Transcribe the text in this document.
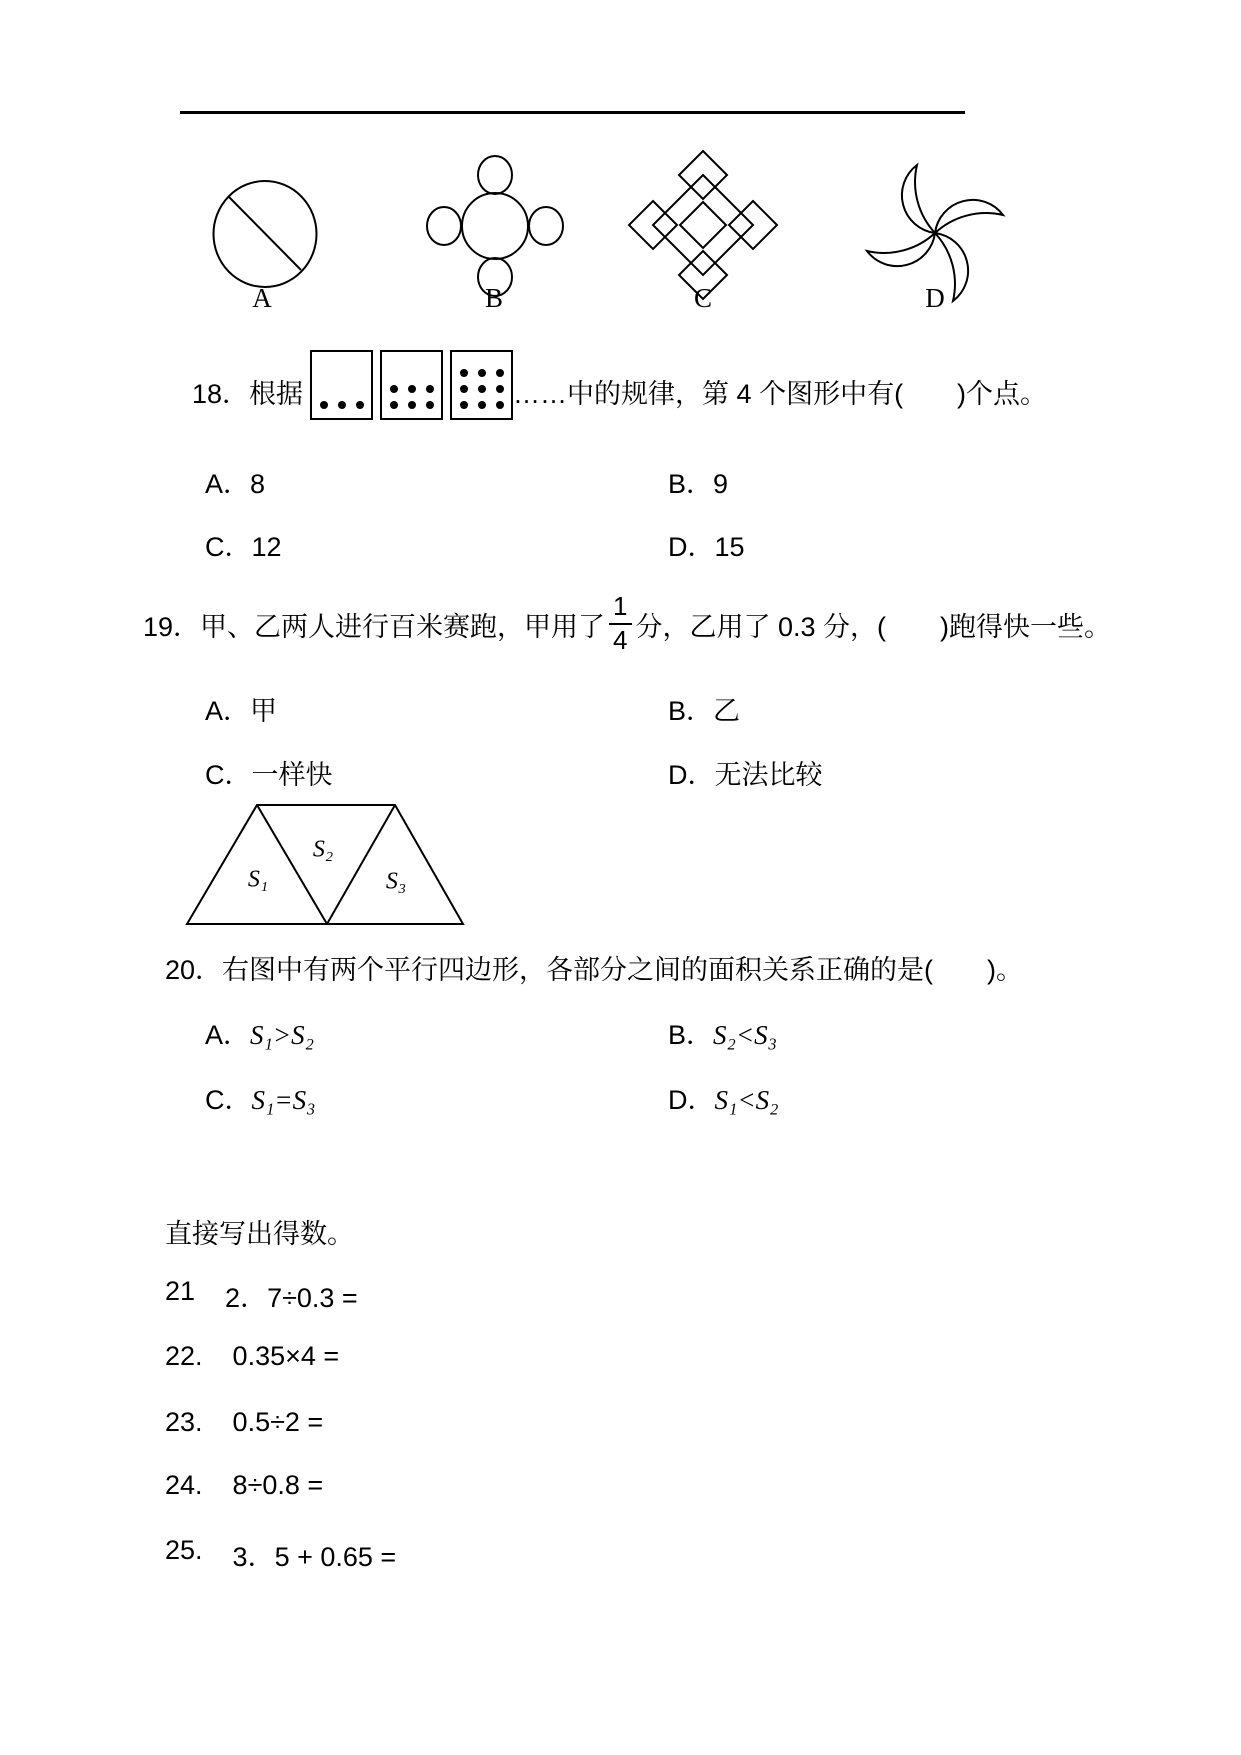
A	B	C	D
18．根据	……中的规律，第 4 个图形中有(　　)个点。
A．8	B．9
C．12	D．15
19．甲、乙两人进行百米赛跑，甲用了 $\frac{1}{4}$ 分，乙用了 0.3 分，(　　)跑得快一些。
A．甲	B．乙
C．一样快	D．无法比较
S₁
S₂
S₃
20．右图中有两个平行四边形，各部分之间的面积关系正确的是(　　)。
A．S₁>S₂	B．S₂<S₃
C．S₁=S₃	D．S₁<S₂
直接写出得数。
21 2．7÷0.3 =
22. 0.35×4 =
23. 0.5÷2 =
24. 8÷0.8 =
25. 3．5 + 0.65 =
